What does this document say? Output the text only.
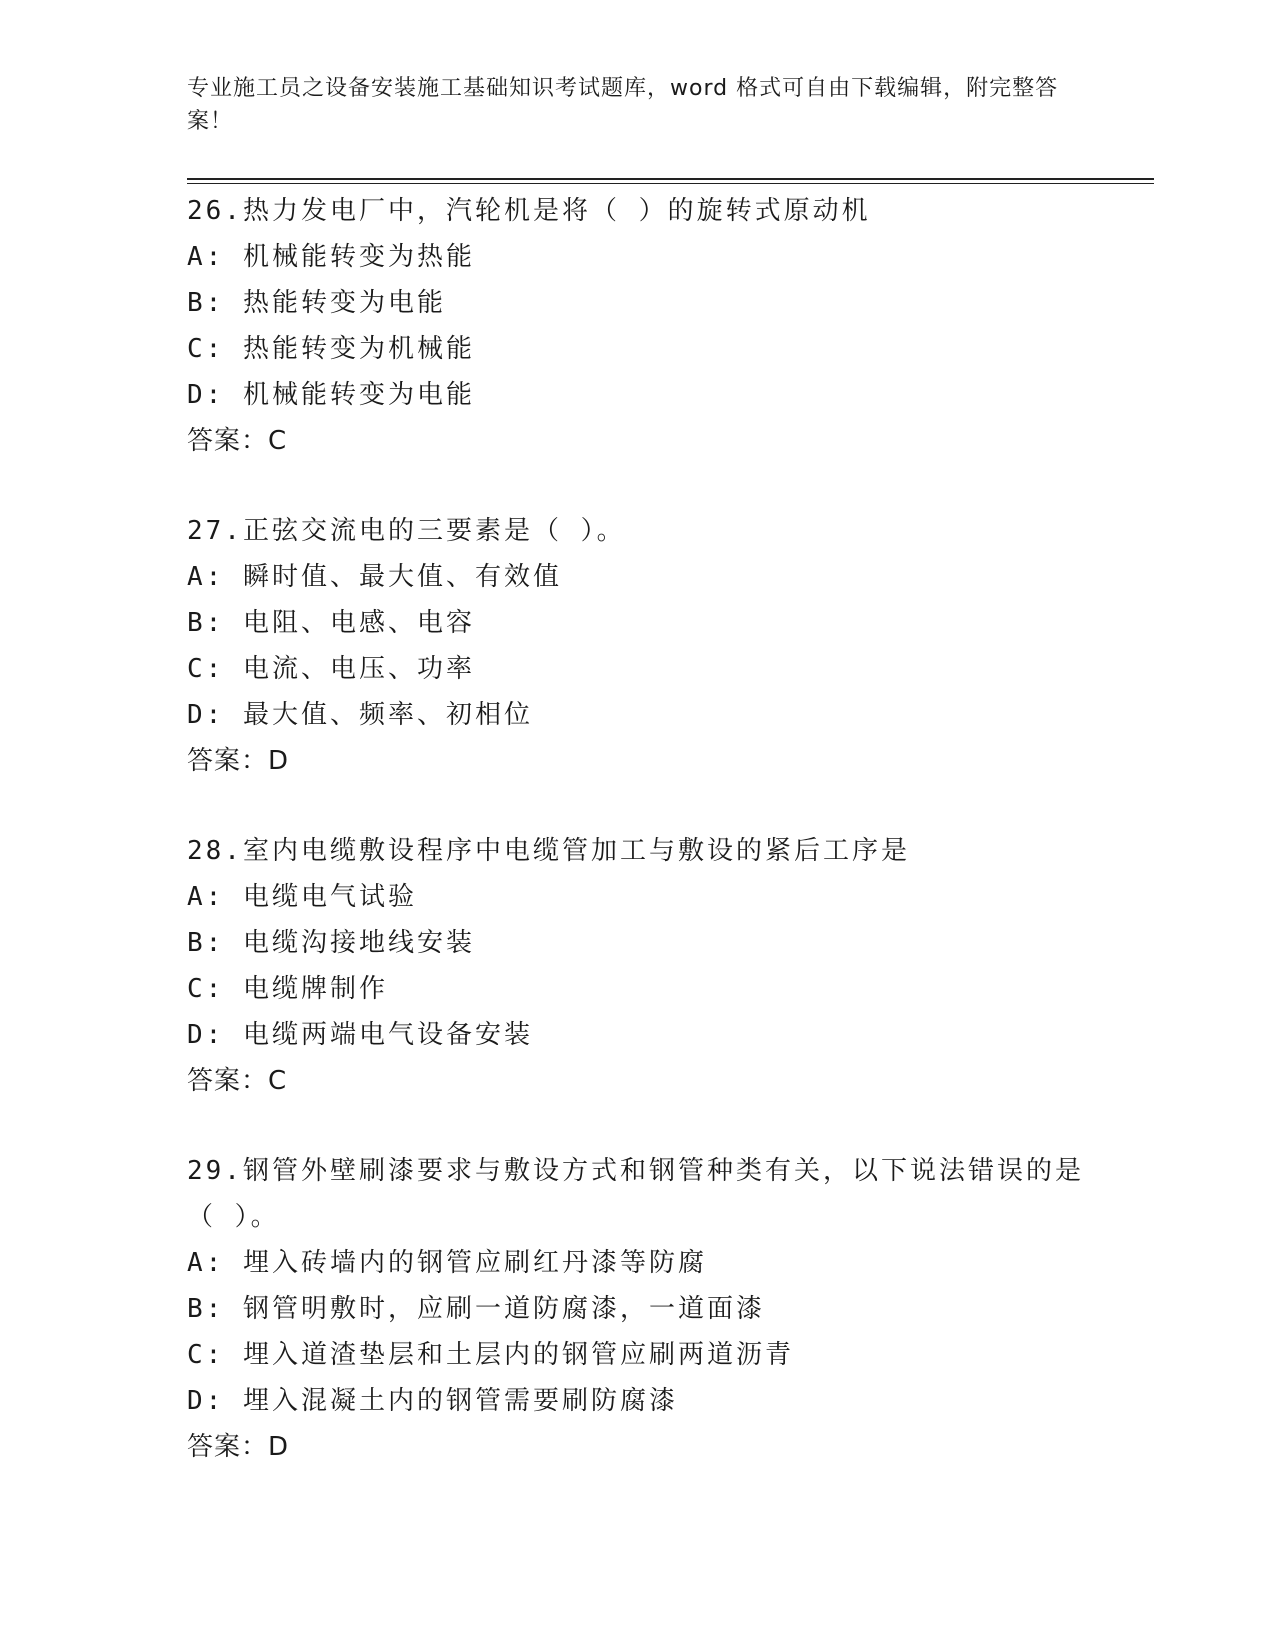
专业施工员之设备安装施工基础知识考试题库，word 格式可自由下载编辑，附完整答案！
26.热力发电厂中，汽轮机是将（ ）的旋转式原动机
A: 机械能转变为热能
B: 热能转变为电能
C: 热能转变为机械能
D: 机械能转变为电能
答案：C
27.正弦交流电的三要素是（ ）。
A: 瞬时值、最大值、有效值
B: 电阻、电感、电容
C: 电流、电压、功率
D: 最大值、频率、初相位
答案：D
28.室内电缆敷设程序中电缆管加工与敷设的紧后工序是
A: 电缆电气试验
B: 电缆沟接地线安装
C: 电缆牌制作
D: 电缆两端电气设备安装
答案：C
29.钢管外壁刷漆要求与敷设方式和钢管种类有关，以下说法错误的是
（ ）。
A: 埋入砖墙内的钢管应刷红丹漆等防腐
B: 钢管明敷时，应刷一道防腐漆，一道面漆
C: 埋入道渣垫层和土层内的钢管应刷两道沥青
D: 埋入混凝土内的钢管需要刷防腐漆
答案：D
